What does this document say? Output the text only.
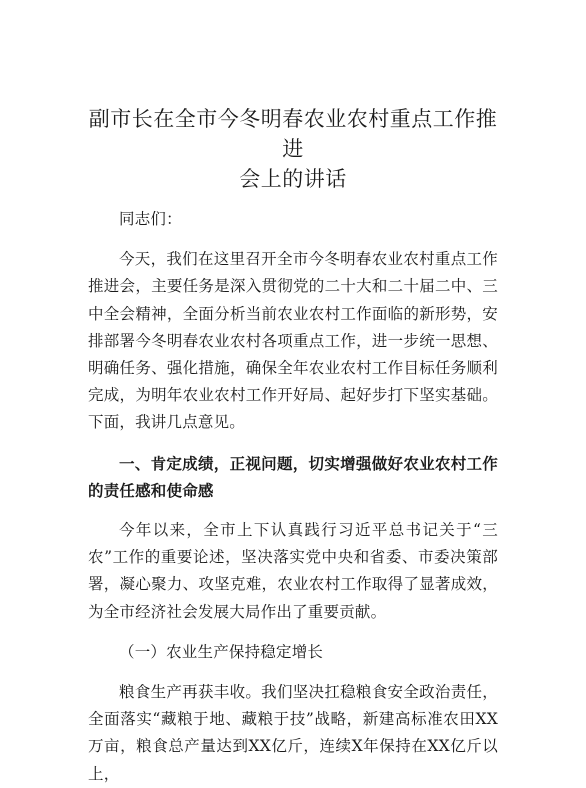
副市长在全市今冬明春农业农村重点工作推进
会上的讲话

同志们：

今天，我们在这里召开全市今冬明春农业农村重点工作推进会，主要任务是深入贯彻党的二十大和二十届二中、三中全会精神，全面分析当前农业农村工作面临的新形势，安排部署今冬明春农业农村各项重点工作，进一步统一思想、明确任务、强化措施，确保全年农业农村工作目标任务顺利完成，为明年农业农村工作开好局、起好步打下坚实基础。下面，我讲几点意见。

一、肯定成绩，正视问题，切实增强做好农业农村工作的责任感和使命感

今年以来，全市上下认真践行习近平总书记关于“三农”工作的重要论述，坚决落实党中央和省委、市委决策部署，凝心聚力、攻坚克难，农业农村工作取得了显著成效，为全市经济社会发展大局作出了重要贡献。

（一）农业生产保持稳定增长

粮食生产再获丰收。我们坚决扛稳粮食安全政治责任，全面落实“藏粮于地、藏粮于技”战略，新建高标准农田XX万亩，粮食总产量达到XX亿斤，连续X年保持在XX亿斤以上，
